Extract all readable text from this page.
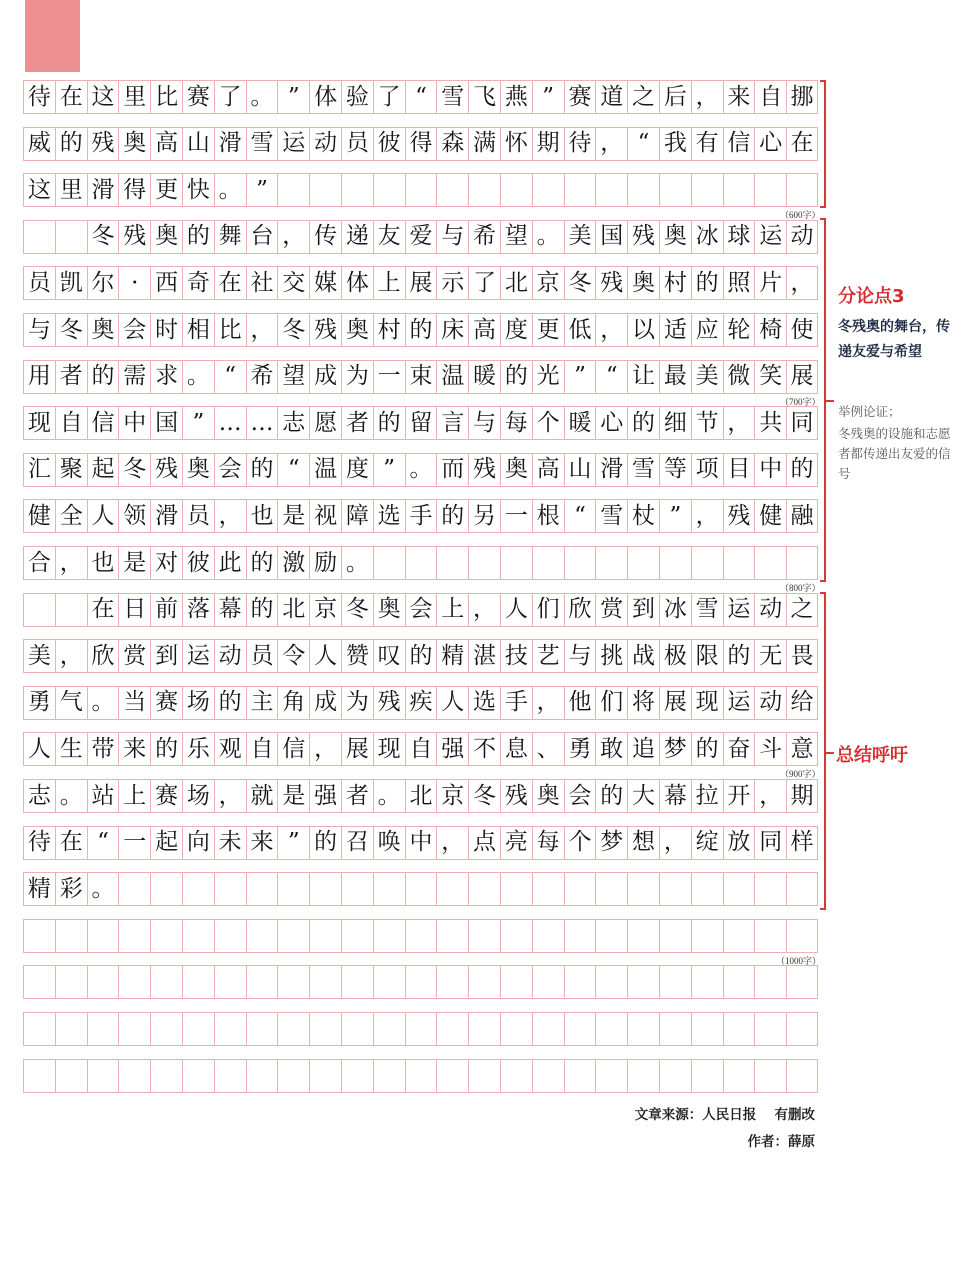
待 在 这 里 比 赛 了 。 ” 体 验 了 “ 雪 飞 燕 ” 赛 道 之 后 ， 来 自 挪
威 的 残 奥 高 山 滑 雪 运 动 员 彼 得 森 满 怀 期 待 ， “ 我 有 信 心 在
这 里 滑 得 更 快 。 ”
冬 残 奥 的 舞 台 ， 传 递 友 爱 与 希 望 。 美 国 残 奥 冰 球 运 动
员 凯 尔 · 西 奇 在 社 交 媒 体 上 展 示 了 北 京 冬 残 奥 村 的 照 片 ，
与 冬 奥 会 时 相 比 ， 冬 残 奥 村 的 床 高 度 更 低 ， 以 适 应 轮 椅 使
用 者 的 需 求 。 “ 希 望 成 为 一 束 温 暖 的 光 ” “ 让 最 美 微 笑 展
现 自 信 中 国 ” … … 志 愿 者 的 留 言 与 每 个 暖 心 的 细 节 ， 共 同
汇 聚 起 冬 残 奥 会 的 “ 温 度 ” 。 而 残 奥 高 山 滑 雪 等 项 目 中 的
健 全 人 领 滑 员 ， 也 是 视 障 选 手 的 另 一 根 “ 雪 杖 ” ， 残 健 融
合 ， 也 是 对 彼 此 的 激 励 。
在 日 前 落 幕 的 北 京 冬 奥 会 上 ， 人 们 欣 赏 到 冰 雪 运 动 之
美 ， 欣 赏 到 运 动 员 令 人 赞 叹 的 精 湛 技 艺 与 挑 战 极 限 的 无 畏
勇 气 。 当 赛 场 的 主 角 成 为 残 疾 人 选 手 ， 他 们 将 展 现 运 动 给
人 生 带 来 的 乐 观 自 信 ， 展 现 自 强 不 息 、 勇 敢 追 梦 的 奋 斗 意
志 。 站 上 赛 场 ， 就 是 强 者 。 北 京 冬 残 奥 会 的 大 幕 拉 开 ， 期
待 在 “ 一 起 向 未 来 ” 的 召 唤 中 ， 点 亮 每 个 梦 想 ， 绽 放 同 样
精 彩 。
分论点3
冬残奥的舞台，传递友爱与希望
举例论证；
冬残奥的设施和志愿者都传递出友爱的信号
总结呼吁
文章来源：人民日报　 有删改
作者：薛原
（600字）
（700字）
（800字）
（900字）
（1000字）
